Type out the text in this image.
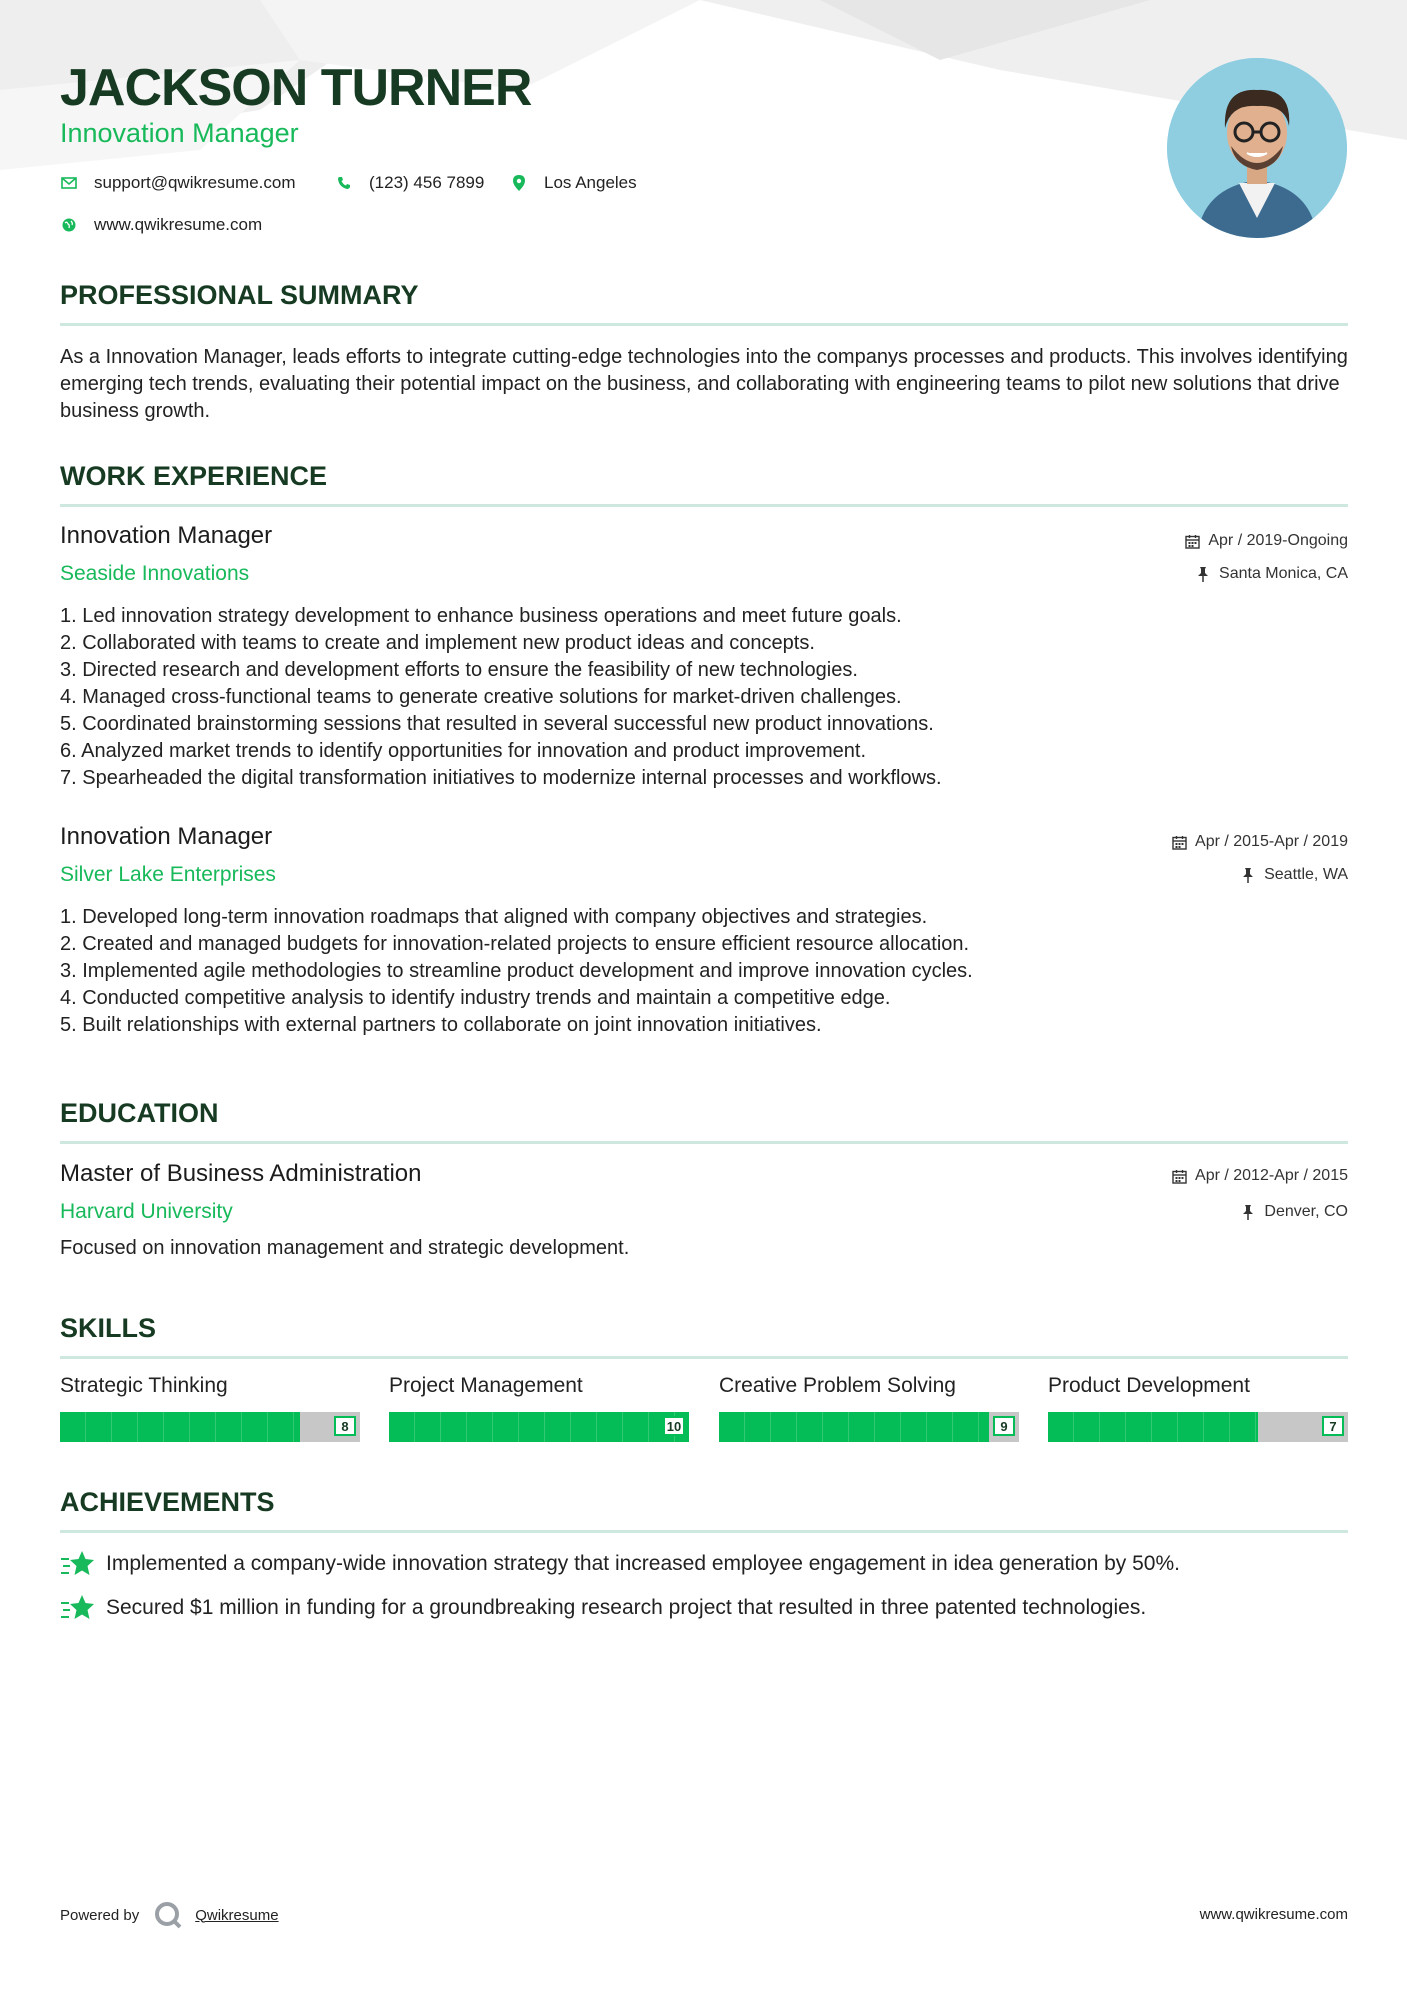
JACKSON TURNER
Innovation Manager
support@qwikresume.com	(123) 456 7899	Los Angeles
www.qwikresume.com
PROFESSIONAL SUMMARY

As a Innovation Manager, leads efforts to integrate cutting-edge technologies into the companys processes and products. This involves identifying emerging tech trends, evaluating their potential impact on the business, and collaborating with engineering teams to pilot new solutions that drive business growth.

WORK EXPERIENCE
Innovation Manager
Seaside Innovations
Apr / 2019-Ongoing
Santa Monica, CA
1. Led innovation strategy development to enhance business operations and meet future goals.
2. Collaborated with teams to create and implement new product ideas and concepts.
3. Directed research and development efforts to ensure the feasibility of new technologies.
4. Managed cross-functional teams to generate creative solutions for market-driven challenges.
5. Coordinated brainstorming sessions that resulted in several successful new product innovations.
6. Analyzed market trends to identify opportunities for innovation and product improvement.
7. Spearheaded the digital transformation initiatives to modernize internal processes and workflows.
Innovation Manager
Silver Lake Enterprises
Apr / 2015-Apr / 2019
Seattle, WA
1. Developed long-term innovation roadmaps that aligned with company objectives and strategies.
2. Created and managed budgets for innovation-related projects to ensure efficient resource allocation.
3. Implemented agile methodologies to streamline product development and improve innovation cycles.
4. Conducted competitive analysis to identify industry trends and maintain a competitive edge.
5. Built relationships with external partners to collaborate on joint innovation initiatives.
EDUCATION
Master of Business Administration
Harvard University
Apr / 2012-Apr / 2015
Denver, CO

Focused on innovation management and strategic development.

SKILLS
Strategic Thinking
8
Project Management
10
Creative Problem Solving
9
Product Development
7
ACHIEVEMENTS
Implemented a company-wide innovation strategy that increased employee engagement in idea generation by 50%.
Secured $1 million in funding for a groundbreaking research project that resulted in three patented technologies.
Powered by	Qwikresume	www.qwikresume.com
